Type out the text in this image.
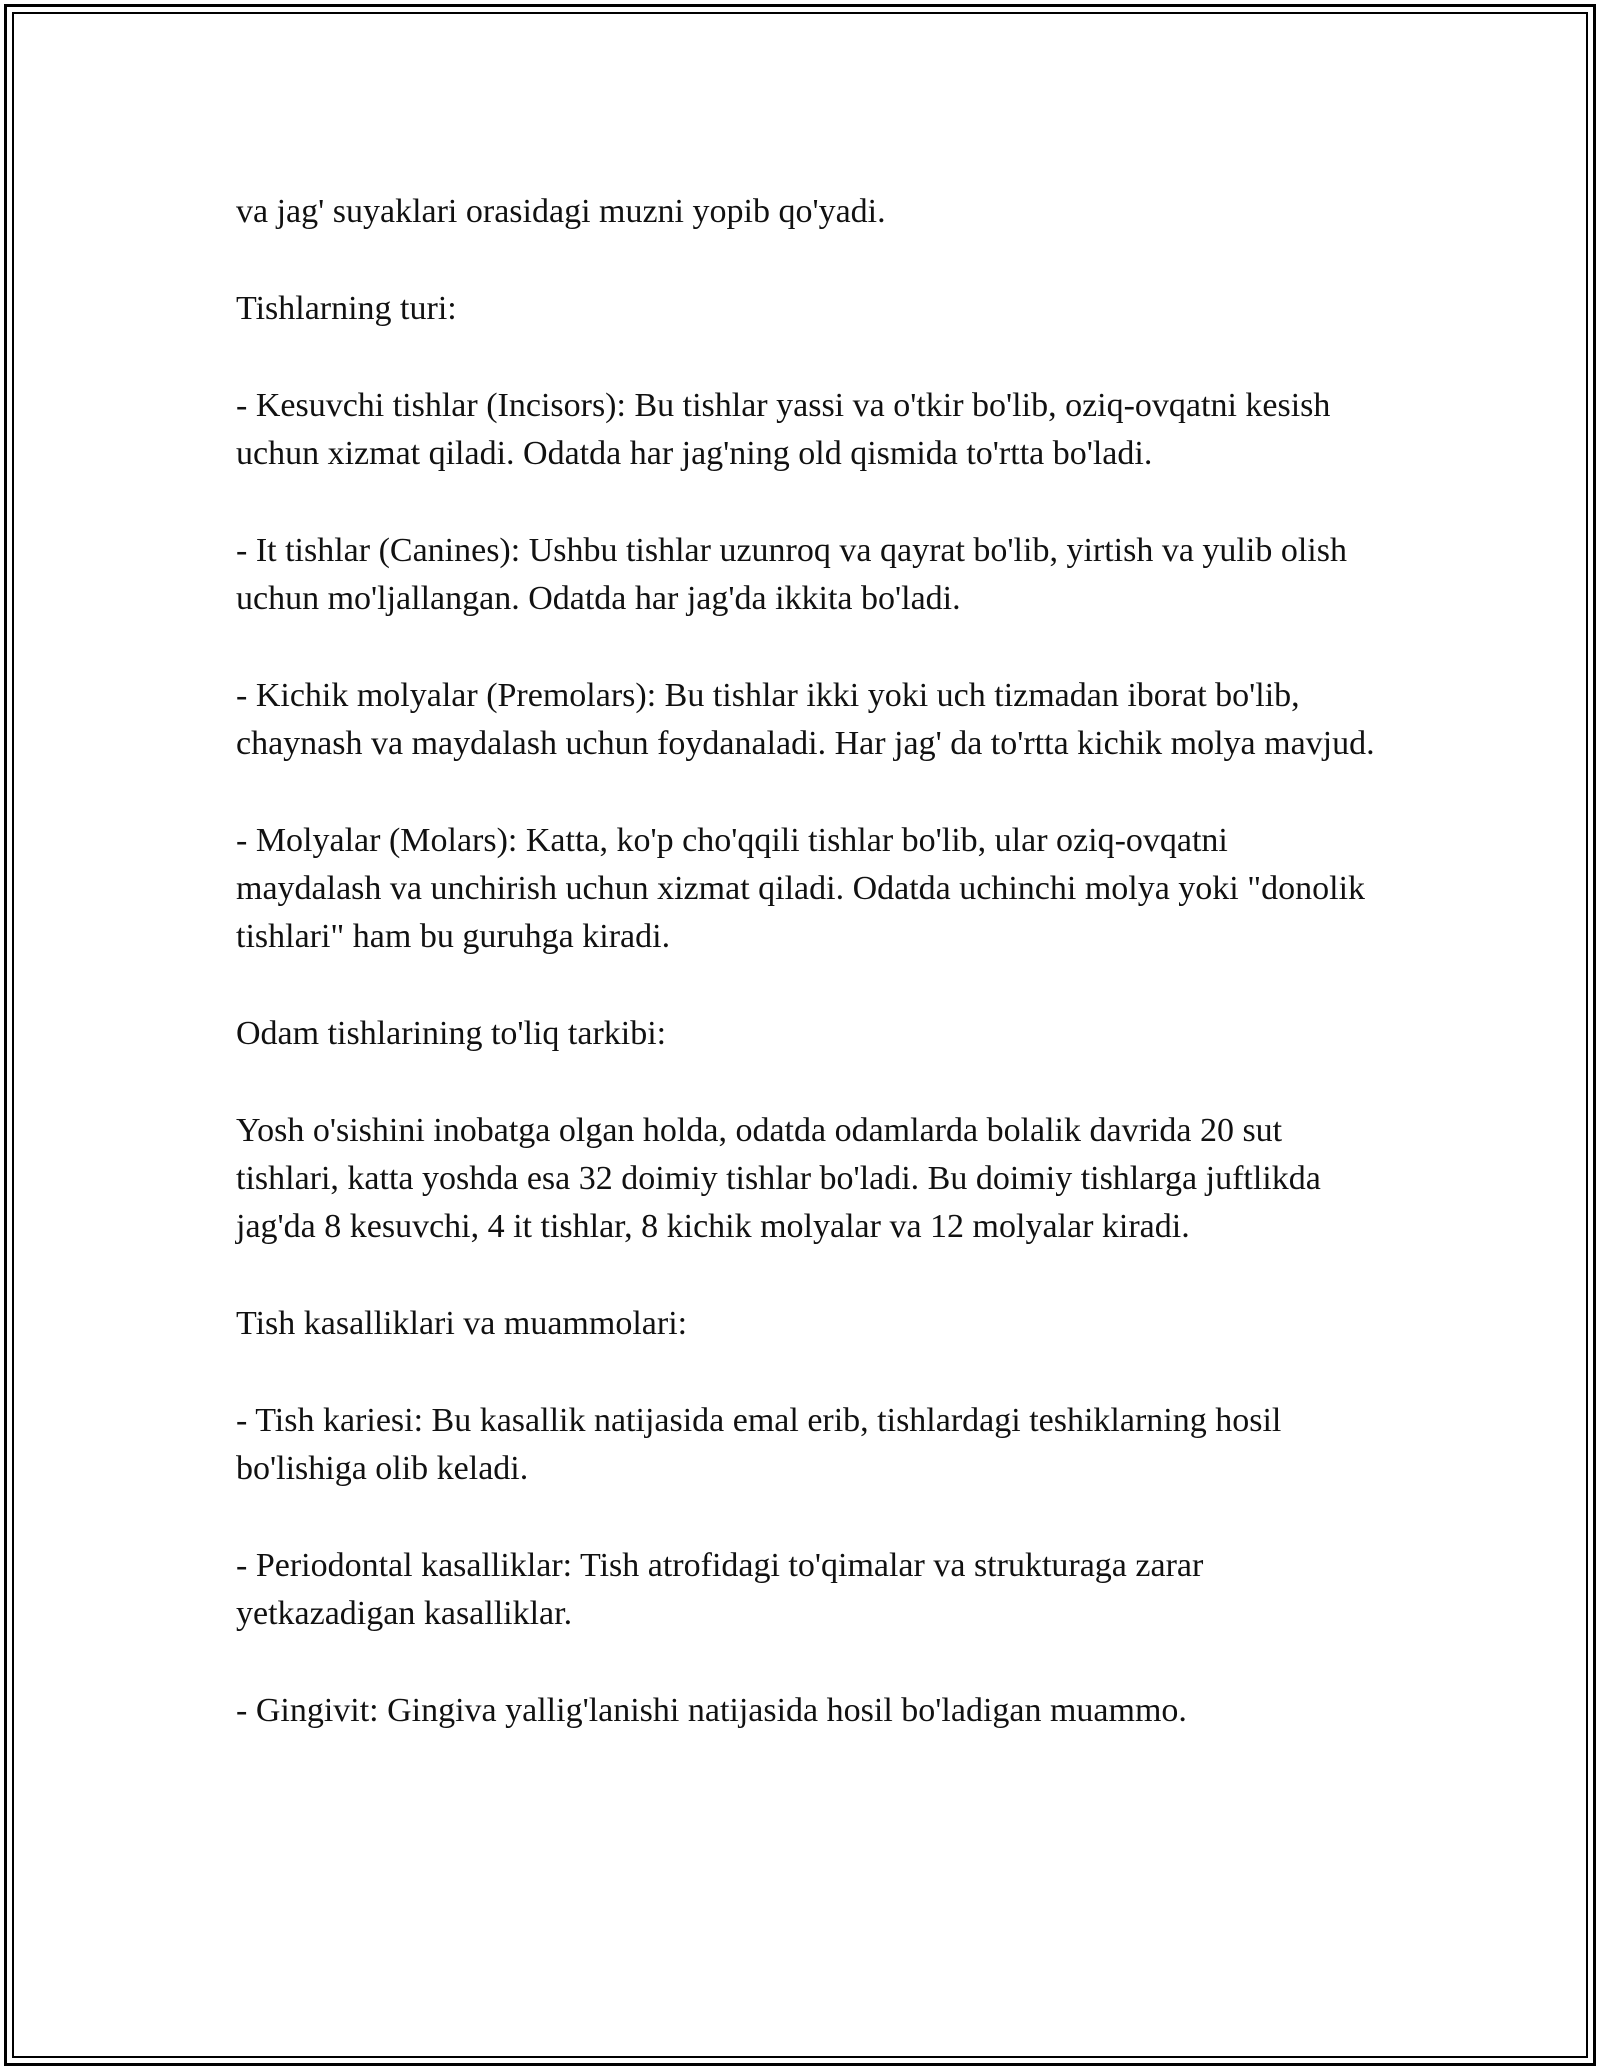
va jag' suyaklari orasidagi muzni yopib qo'yadi.

Tishlarning turi:

- Kesuvchi tishlar (Incisors): Bu tishlar yassi va o'tkir bo'lib, oziq-ovqatni kesish uchun xizmat qiladi. Odatda har jag'ning old qismida to'rtta bo'ladi.

- It tishlar (Canines): Ushbu tishlar uzunroq va qayrat bo'lib, yirtish va yulib olish uchun mo'ljallangan. Odatda har jag'da ikkita bo'ladi.

- Kichik molyalar (Premolars): Bu tishlar ikki yoki uch tizmadan iborat bo'lib, chaynash va maydalash uchun foydanaladi. Har jag' da to'rtta kichik molya mavjud.

- Molyalar (Molars): Katta, ko'p cho'qqili tishlar bo'lib, ular oziq-ovqatni maydalash va unchirish uchun xizmat qiladi. Odatda uchinchi molya yoki "donolik tishlari" ham bu guruhga kiradi.

Odam tishlarining to'liq tarkibi:

Yosh o'sishini inobatga olgan holda, odatda odamlarda bolalik davrida 20 sut tishlari, katta yoshda esa 32 doimiy tishlar bo'ladi. Bu doimiy tishlarga juftlikda jag'da 8 kesuvchi, 4 it tishlar, 8 kichik molyalar va 12 molyalar kiradi.

Tish kasalliklari va muammolari:

- Tish kariesi: Bu kasallik natijasida emal erib, tishlardagi teshiklarning hosil bo'lishiga olib keladi.

- Periodontal kasalliklar: Tish atrofidagi to'qimalar va strukturaga zarar yetkazadigan kasalliklar.

- Gingivit: Gingiva yallig'lanishi natijasida hosil bo'ladigan muammo.
